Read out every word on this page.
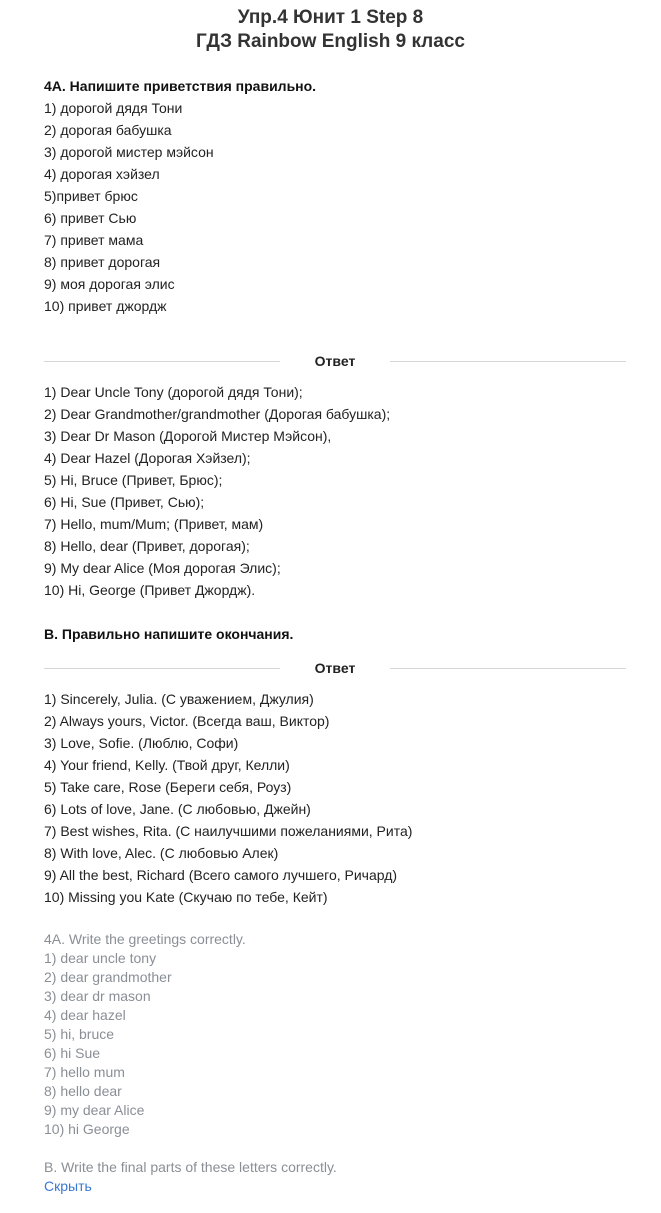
Упр.4 Юнит 1 Step 8

ГДЗ Rainbow English 9 класс

4А. Напишите приветствия правильно.
1) дорогой дядя Тони
2) дорогая бабушка
3) дорогой мистер мэйсон
4) дорогая хэйзел
5)привет брюс
6) привет Сью
7) привет мама
8) привет дорогая
9) моя дорогая элис
10) привет джордж
Ответ
1) Dear Uncle Tony (дорогой дядя Тони);
2) Dear Grandmother/grandmother (Дорогая бабушка);
3) Dear Dr Mason (Дорогой Мистер Мэйсон),
4) Dear Hazel (Дорогая Хэйзел);
5) Hi, Bruce (Привет, Брюс);
6) Hi, Sue (Привет, Сью);
7) Hello, mum/Mum; (Привет, мам)
8) Hello, dear (Привет, дорогая);
9) My dear Alice (Моя дорогая Элис);
10) Hi, George (Привет Джордж).
В. Правильно напишите окончания.
Ответ
1) Sincerely, Julia. (С уважением, Джулия)
2) Always yours, Victor. (Всегда ваш, Виктор)
3) Love, Sofie. (Люблю, Софи)
4) Your friend, Kelly. (Твой друг, Келли)
5) Take care, Rose (Береги себя, Роуз)
6) Lots of love, Jane. (С любовью, Джейн)
7) Best wishes, Rita. (С наилучшими пожеланиями, Рита)
8) With love, Alec. (С любовью Алек)
9) All the best, Richard (Всего самого лучшего, Ричард)
10) Missing you Kate (Скучаю по тебе, Кейт)
4A. Write the greetings correctly.
1) dear uncle tony
2) dear grandmother
3) dear dr mason
4) dear hazel
5) hi, bruce
6) hi Sue
7) hello mum
8) hello dear
9) my dear Alice
10) hi George
B. Write the final parts of these letters correctly.
Скрыть
